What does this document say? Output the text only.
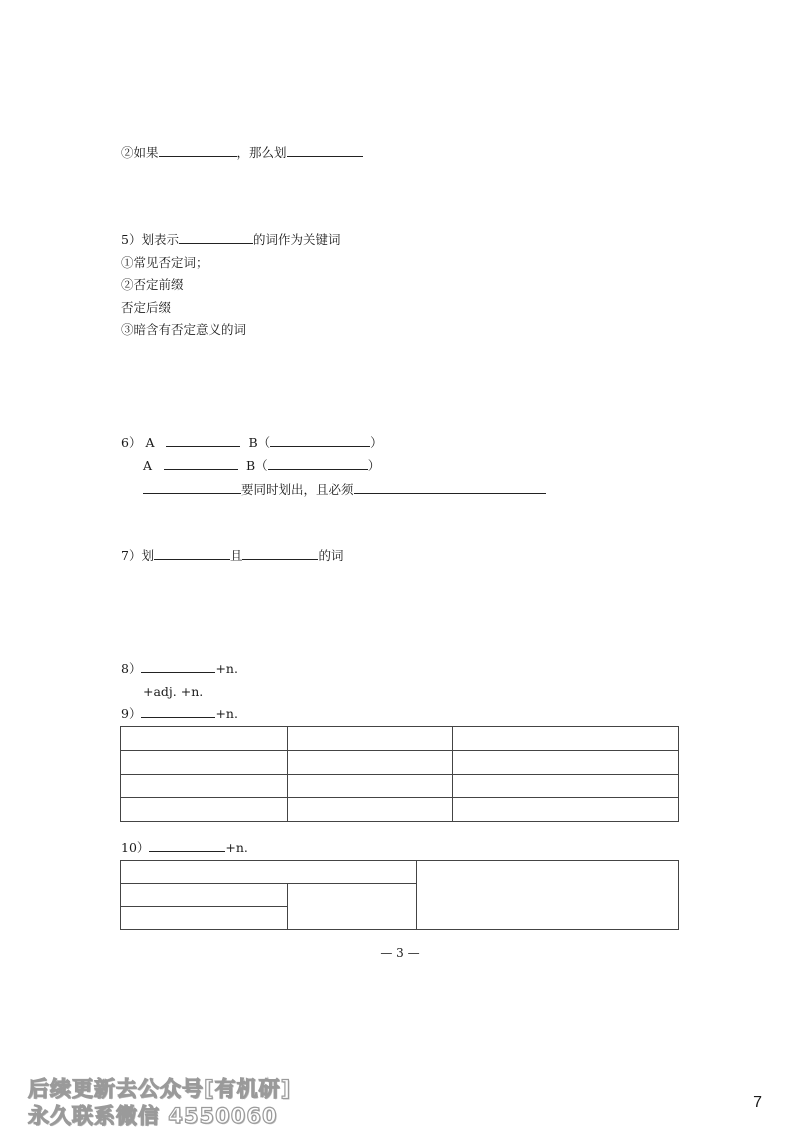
②如果	，那么划
5）划表示	的词作为关键词
①常见否定词；
②否定前缀
否定后缀
③暗含有否定意义的词
6） A	B（	）
A	B（	）
要同时划出，且必须
7）划	且	的词
8）	+n.
+adj. +n.
9）	+n.

10）	+n.

— 3 —
后续更新去公众号[有机研]
永久联系微信 4550060
7
